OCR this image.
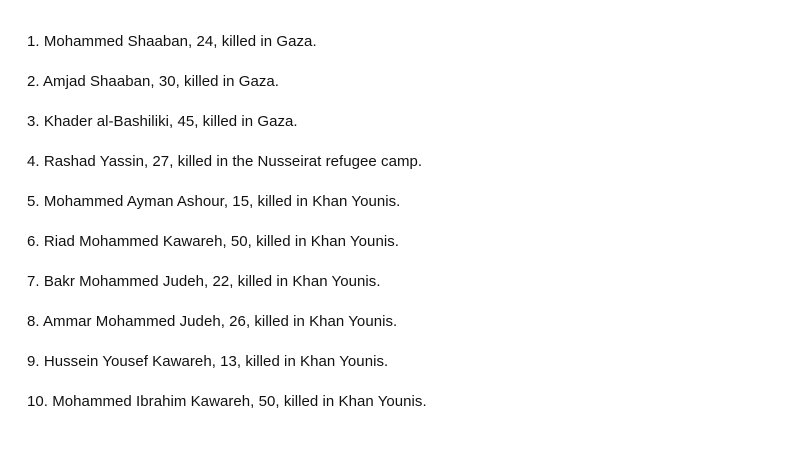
1. Mohammed Shaaban, 24, killed in Gaza.
2. Amjad Shaaban, 30, killed in Gaza.
3. Khader al-Bashiliki, 45, killed in Gaza.
4. Rashad Yassin, 27, killed in the Nusseirat refugee camp.
5. Mohammed Ayman Ashour, 15, killed in Khan Younis.
6. Riad Mohammed Kawareh, 50, killed in Khan Younis.
7. Bakr Mohammed Judeh, 22, killed in Khan Younis.
8. Ammar Mohammed Judeh, 26, killed in Khan Younis.
9. Hussein Yousef Kawareh, 13, killed in Khan Younis.
10. Mohammed Ibrahim Kawareh, 50, killed in Khan Younis.
